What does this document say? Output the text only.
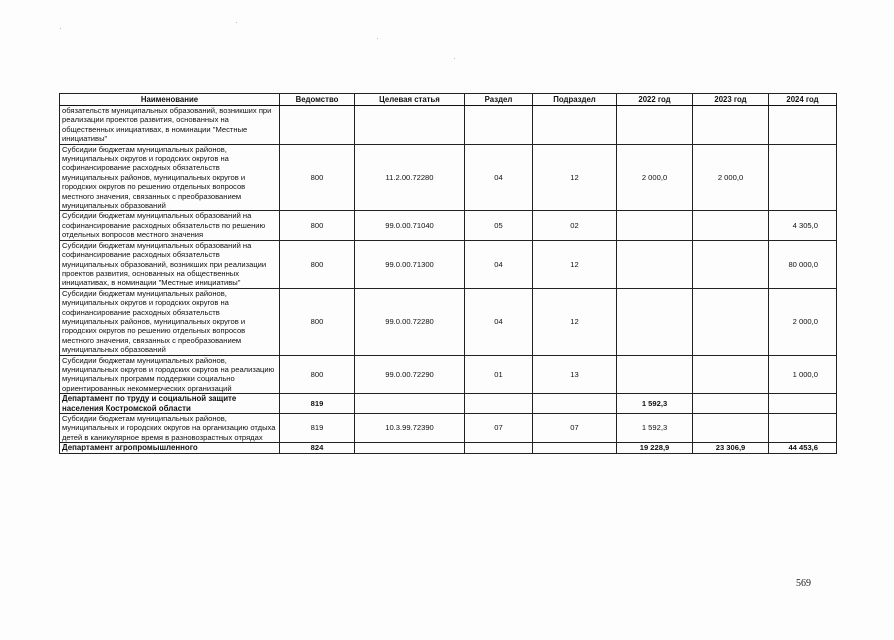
Наименование	Ведомство	Целевая статья	Раздел	Подраздел	2022 год	2023 год	2024 год
обязательств муниципальных образований, возникших при реализации проектов развития, основанных на общественных инициативах, в номинации "Местные инициативы"							
Субсидии бюджетам муниципальных районов, муниципальных округов и городских округов на софинансирование расходных обязательств муниципальных районов, муниципальных округов и городских округов по решению отдельных вопросов местного значения, связанных с преобразованием муниципальных образований	800	11.2.00.72280	04	12	2 000,0	2 000,0	
Субсидии бюджетам муниципальных образований на софинансирование расходных обязательств по решению отдельных вопросов местного значения	800	99.0.00.71040	05	02			4 305,0
Субсидии бюджетам муниципальных образований на софинансирование расходных обязательств муниципальных образований, возникших при реализации проектов развития, основанных на общественных инициативах, в номинации "Местные инициативы"	800	99.0.00.71300	04	12			80 000,0
Субсидии бюджетам муниципальных районов, муниципальных округов и городских округов на софинансирование расходных обязательств муниципальных районов, муниципальных округов и городских округов по решению отдельных вопросов местного значения, связанных с преобразованием муниципальных образований	800	99.0.00.72280	04	12			2 000,0
Субсидии бюджетам муниципальных районов, муниципальных округов и городских округов на реализацию муниципальных программ поддержки социально ориентированных некоммерческих организаций	800	99.0.00.72290	01	13			1 000,0
Департамент по труду и социальной защите населения Костромской области	819				1 592,3		
Субсидии бюджетам муниципальных районов, муниципальных и городских округов на организацию отдыха детей в каникулярное время в разновозрастных отрядах	819	10.3.99.72390	07	07	1 592,3		
Департамент агропромышленного	824				19 228,9	23 306,9	44 453,6
569
